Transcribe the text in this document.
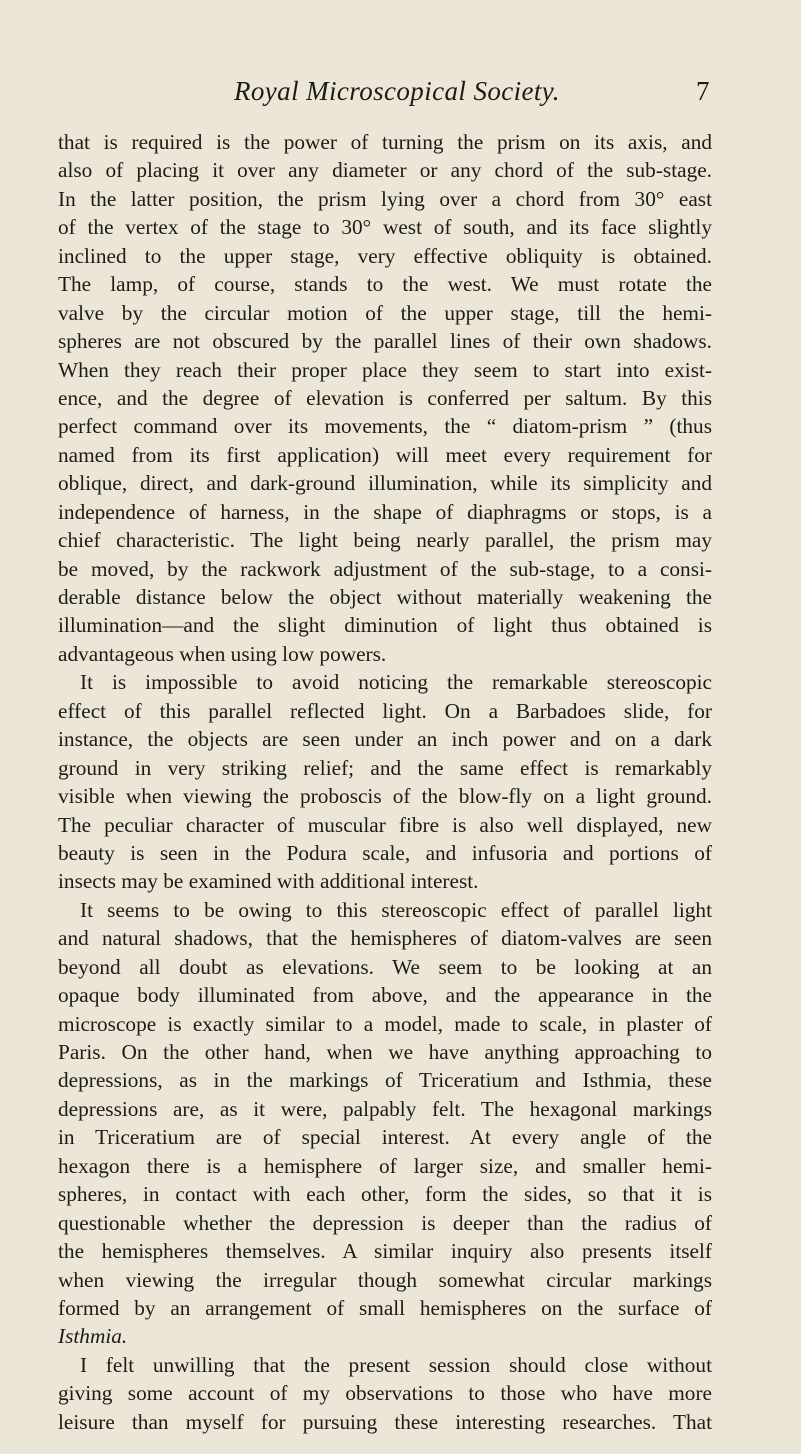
Royal Microscopical Society.	7
that is required is the power of turning the prism on its axis, and
also of placing it over any diameter or any chord of the sub-stage.
In the latter position, the prism lying over a chord from 30° east
of the vertex of the stage to 30° west of south, and its face slightly
inclined to the upper stage, very effective obliquity is obtained.
The lamp, of course, stands to the west. We must rotate the
valve by the circular motion of the upper stage, till the hemi-
spheres are not obscured by the parallel lines of their own shadows.
When they reach their proper place they seem to start into exist-
ence, and the degree of elevation is conferred per saltum. By this
perfect command over its movements, the “ diatom-prism ” (thus
named from its first application) will meet every requirement for
oblique, direct, and dark-ground illumination, while its simplicity and
independence of harness, in the shape of diaphragms or stops, is a
chief characteristic. The light being nearly parallel, the prism may
be moved, by the rackwork adjustment of the sub-stage, to a consi-
derable distance below the object without materially weakening the
illumination—and the slight diminution of light thus obtained is
advantageous when using low powers.
It is impossible to avoid noticing the remarkable stereoscopic
effect of this parallel reflected light. On a Barbadoes slide, for
instance, the objects are seen under an inch power and on a dark
ground in very striking relief; and the same effect is remarkably
visible when viewing the proboscis of the blow-fly on a light ground.
The peculiar character of muscular fibre is also well displayed, new
beauty is seen in the Podura scale, and infusoria and portions of
insects may be examined with additional interest.
It seems to be owing to this stereoscopic effect of parallel light
and natural shadows, that the hemispheres of diatom-valves are seen
beyond all doubt as elevations. We seem to be looking at an
opaque body illuminated from above, and the appearance in the
microscope is exactly similar to a model, made to scale, in plaster of
Paris. On the other hand, when we have anything approaching to
depressions, as in the markings of Triceratium and Isthmia, these
depressions are, as it were, palpably felt. The hexagonal markings
in Triceratium are of special interest. At every angle of the
hexagon there is a hemisphere of larger size, and smaller hemi-
spheres, in contact with each other, form the sides, so that it is
questionable whether the depression is deeper than the radius of
the hemispheres themselves. A similar inquiry also presents itself
when viewing the irregular though somewhat circular markings
formed by an arrangement of small hemispheres on the surface of
Isthmia.
I felt unwilling that the present session should close without
giving some account of my observations to those who have more
leisure than myself for pursuing these interesting researches. That
